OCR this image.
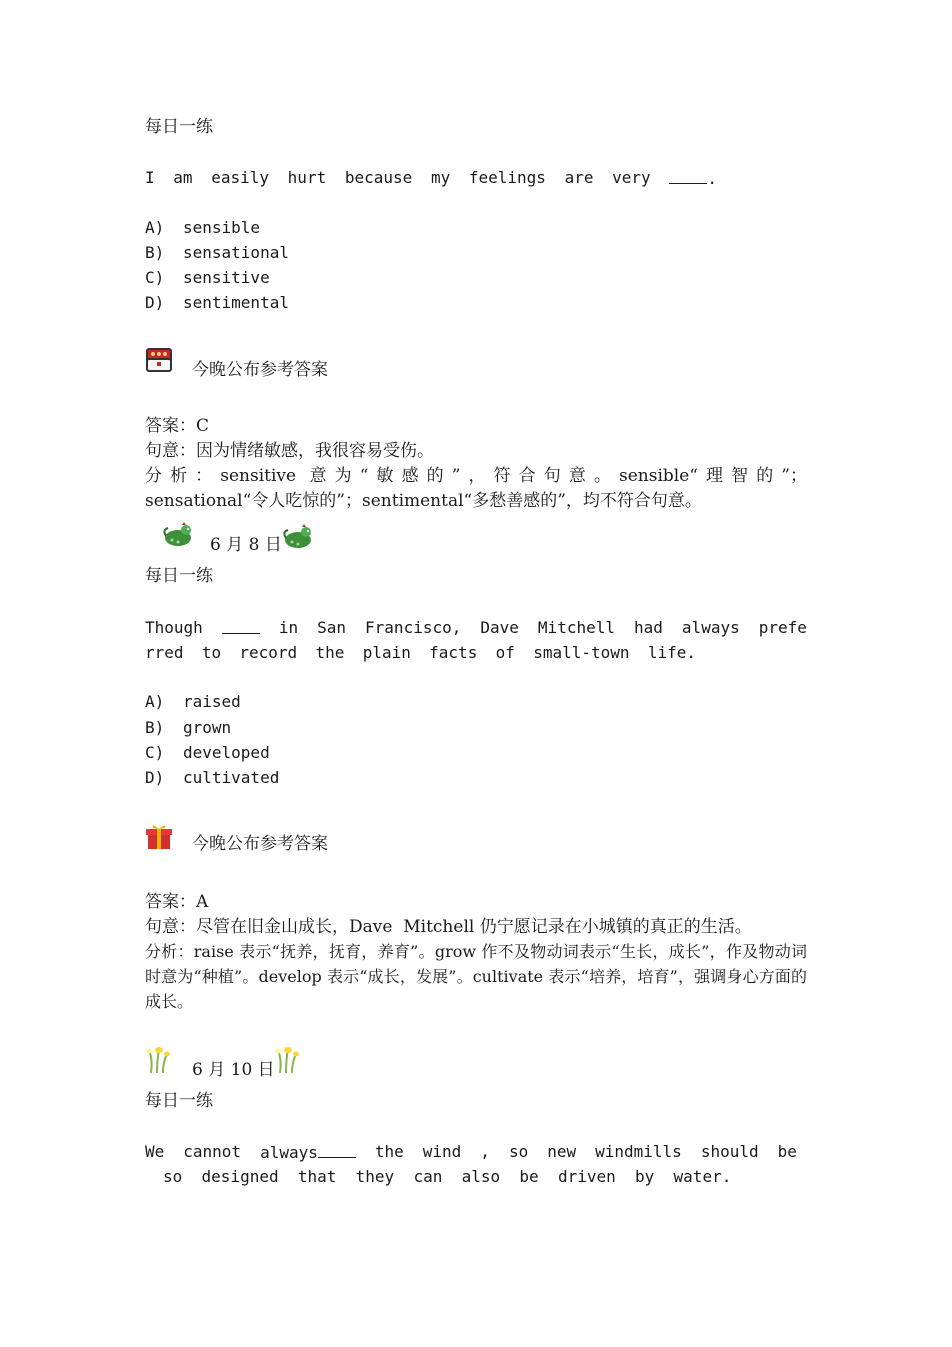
每日一练
I am easily hurt because my feelings are very	.
A) sensible
B) sensational
C) sensitive
D) sentimental
今晚公布参考答案
答案：C
句意：因为情绪敏感，我很容易受伤。
分析：sensitive 意为“敏感的”，符合句意。sensible“理智的”；
sensational“令人吃惊的”；sentimental“多愁善感的”，均不符合句意。
6 月 8 日
每日一练
Though	in San Francisco, Dave Mitchell had always prefe
rred to record the plain facts of small-town life.
A) raised
B) grown
C) developed
D) cultivated
今晚公布参考答案
答案：A
句意：尽管在旧金山成长，Dave  Mitchell 仍宁愿记录在小城镇的真正的生活。
分析：raise 表示“抚养，抚育，养育”。grow 作不及物动词表示“生长，成长”，作及物动词时意为“种植”。develop 表示“成长，发展”。cultivate 表示“培养，培育”，强调身心方面的成长。
6 月 10 日
每日一练
We cannot always	the wind , so new windmills should be
so  designed  that  they  can  also  be  driven  by  water.
